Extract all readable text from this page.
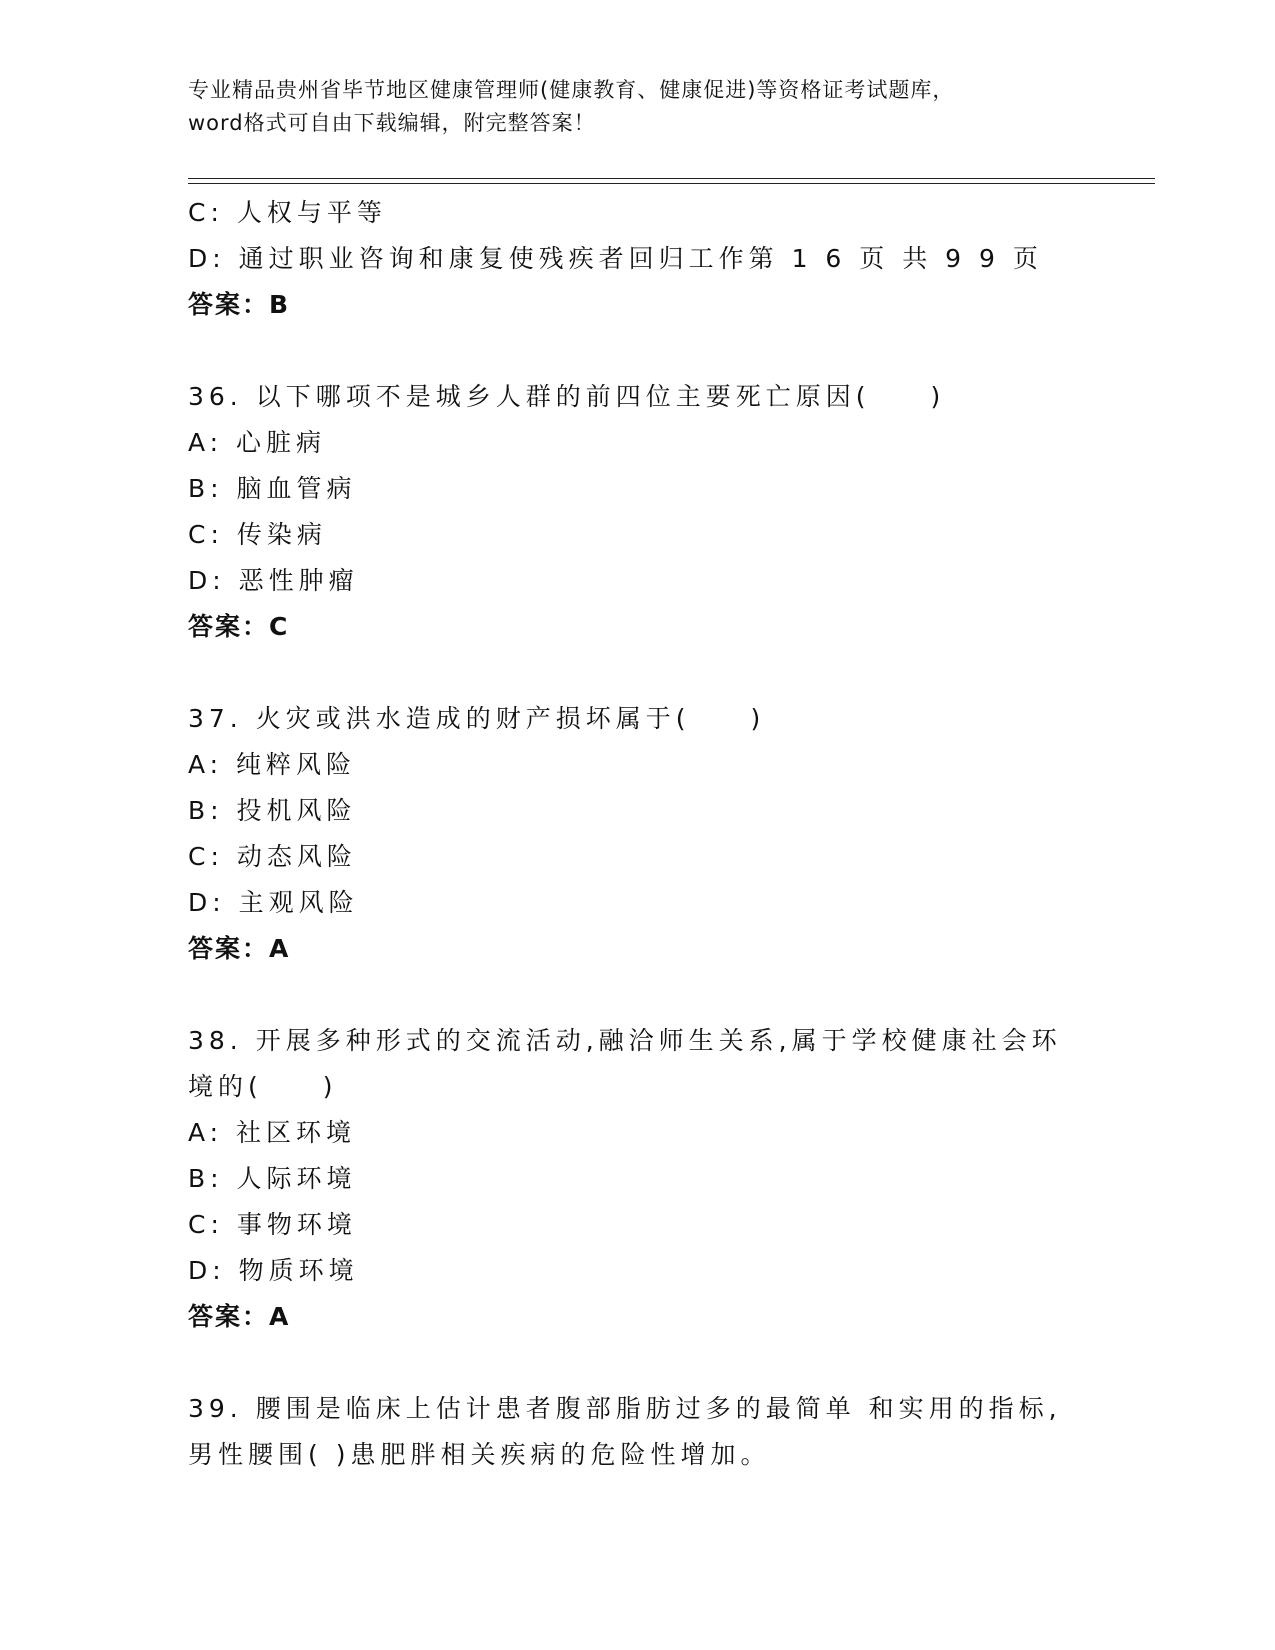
专业精品贵州省毕节地区健康管理师(健康教育、健康促进)等资格证考试题库，
word格式可自由下载编辑，附完整答案！
C: 人权与平等
D: 通过职业咨询和康复使残疾者回归工作第 1 6 页 共 9 9 页
答案：B
36. 以下哪项不是城乡人群的前四位主要死亡原因(　　)
A: 心脏病
B: 脑血管病
C: 传染病
D: 恶性肿瘤
答案：C
37. 火灾或洪水造成的财产损坏属于(　　)
A: 纯粹风险
B: 投机风险
C: 动态风险
D: 主观风险
答案：A
38. 开展多种形式的交流活动,融洽师生关系,属于学校健康社会环境的(　　)
A: 社区环境
B: 人际环境
C: 事物环境
D: 物质环境
答案：A
39. 腰围是临床上估计患者腹部脂肪过多的最简单 和实用的指标,男性腰围( )患肥胖相关疾病的危险性增加。
